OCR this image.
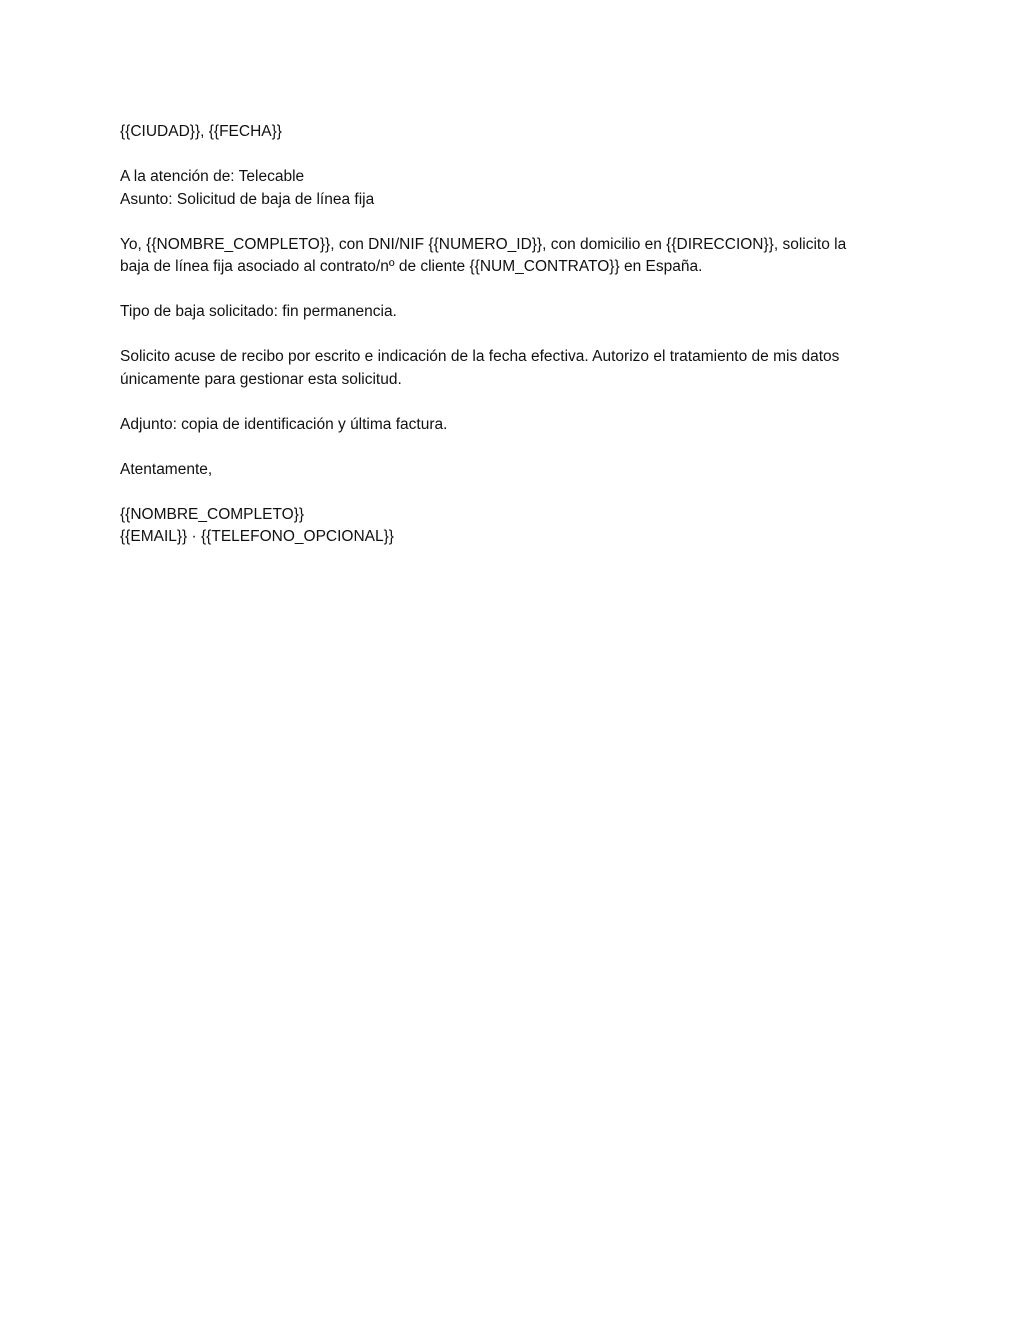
{{CIUDAD}}, {{FECHA}}

A la atención de: Telecable
Asunto: Solicitud de baja de línea fija

Yo, {{NOMBRE_COMPLETO}}, con DNI/NIF {{NUMERO_ID}}, con domicilio en {{DIRECCION}}, solicito la
baja de línea fija asociado al contrato/nº de cliente {{NUM_CONTRATO}} en España.

Tipo de baja solicitado: fin permanencia.

Solicito acuse de recibo por escrito e indicación de la fecha efectiva. Autorizo el tratamiento de mis datos
únicamente para gestionar esta solicitud.

Adjunto: copia de identificación y última factura.

Atentamente,

{{NOMBRE_COMPLETO}}
{{EMAIL}} · {{TELEFONO_OPCIONAL}}
